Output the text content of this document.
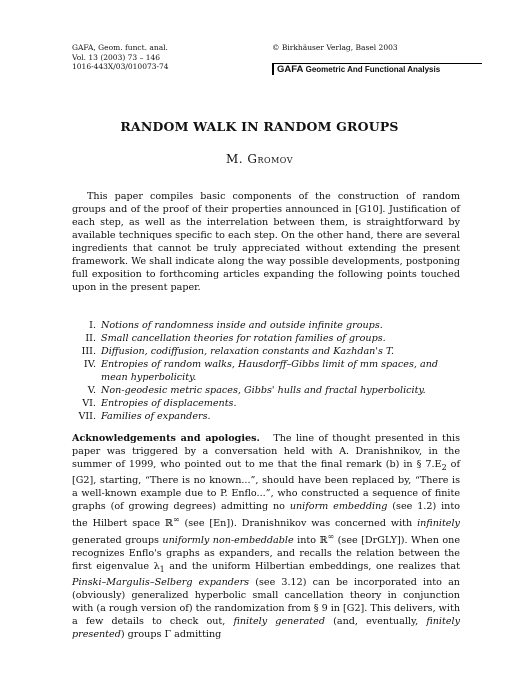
GAFA, Geom. funct. anal.
Vol. 13 (2003) 73 – 146
1016-443X/03/010073-74
© Birkhäuser Verlag, Basel 2003
GAFA Geometric And Functional Analysis
RANDOM WALK IN RANDOM GROUPS
M. Gromov
This paper compiles basic components of the construction of random groups and of the proof of their properties announced in [G10]. Justification of each step, as well as the interrelation between them, is straightforward by available techniques specific to each step. On the other hand, there are several ingredients that cannot be truly appreciated without extending the present framework. We shall indicate along the way possible developments, postponing full exposition to forthcoming articles expanding the following points touched upon in the present paper.
I. Notions of randomness inside and outside infinite groups.
II. Small cancellation theories for rotation families of groups.
III. Diffusion, codiffusion, relaxation constants and Kazhdan's T.
IV. Entropies of random walks, Hausdorff–Gibbs limit of mm spaces, and mean hyperbolicity.
V. Non-geodesic metric spaces, Gibbs' hulls and fractal hyperbolicity.
VI. Entropies of displacements.
VII. Families of expanders.
Acknowledgements and apologies. The line of thought presented in this paper was triggered by a conversation held with A. Dranishnikov, in the summer of 1999, who pointed out to me that the final remark (b) in § $7.E_2$ of [G2], starting, “There is no known...”, should have been replaced by, “There is a well-known example due to P. Enflo...”, who constructed a sequence of finite graphs (of growing degrees) admitting no uniform embedding (see 1.2) into the Hilbert space ℝ∞ (see [En]). Dranishnikov was concerned with infinitely generated groups uniformly non-embeddable into ℝ∞ (see [DrGLY]). When one recognizes Enflo's graphs as expanders, and recalls the relation between the first eigenvalue $\lambda_1$ and the uniform Hilbertian embeddings, one realizes that Pinski–Margulis–Selberg expanders (see 3.12) can be incorporated into an (obviously) generalized hyperbolic small cancellation theory in conjunction with (a rough version of) the randomization from § 9 in [G2]. This delivers, with a few details to check out, finitely generated (and, eventually, finitely presented) groups Γ admitting
